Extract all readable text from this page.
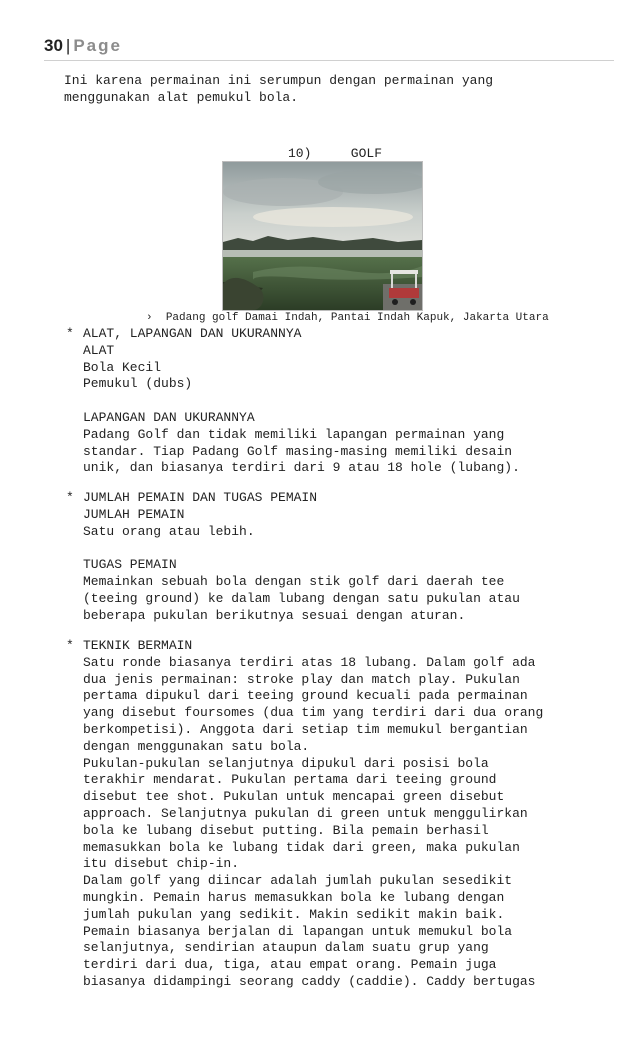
30 | Page

Ini karena permainan ini serumpun dengan permainan yang
menggunakan alat pemukul bola.

10)	GOLF

› Padang golf Damai Indah, Pantai Indah Kapuk, Jakarta Utara

* ALAT, LAPANGAN DAN UKURANNYA
ALAT
Bola Kecil
Pemukul (dubs)
LAPANGAN DAN UKURANNYA
Padang Golf dan tidak memiliki lapangan permainan yang
standar. Tiap Padang Golf masing-masing memiliki desain
unik, dan biasanya terdiri dari 9 atau 18 hole (lubang).
* JUMLAH PEMAIN DAN TUGAS PEMAIN
JUMLAH PEMAIN
Satu orang atau lebih.
TUGAS PEMAIN
Memainkan sebuah bola dengan stik golf dari daerah tee
(teeing ground) ke dalam lubang dengan satu pukulan atau
beberapa pukulan berikutnya sesuai dengan aturan.
* TEKNIK BERMAIN
Satu ronde biasanya terdiri atas 18 lubang. Dalam golf ada
dua jenis permainan: stroke play dan match play. Pukulan
pertama dipukul dari teeing ground kecuali pada permainan
yang disebut foursomes (dua tim yang terdiri dari dua orang
berkompetisi). Anggota dari setiap tim memukul bergantian
dengan menggunakan satu bola.
Pukulan-pukulan selanjutnya dipukul dari posisi bola
terakhir mendarat. Pukulan pertama dari teeing ground
disebut tee shot. Pukulan untuk mencapai green disebut
approach. Selanjutnya pukulan di green untuk menggulirkan
bola ke lubang disebut putting. Bila pemain berhasil
memasukkan bola ke lubang tidak dari green, maka pukulan
itu disebut chip-in.
Dalam golf yang diincar adalah jumlah pukulan sesedikit
mungkin. Pemain harus memasukkan bola ke lubang dengan
jumlah pukulan yang sedikit. Makin sedikit makin baik.
Pemain biasanya berjalan di lapangan untuk memukul bola
selanjutnya, sendirian ataupun dalam suatu grup yang
terdiri dari dua, tiga, atau empat orang. Pemain juga
biasanya didampingi seorang caddy (caddie). Caddy bertugas
